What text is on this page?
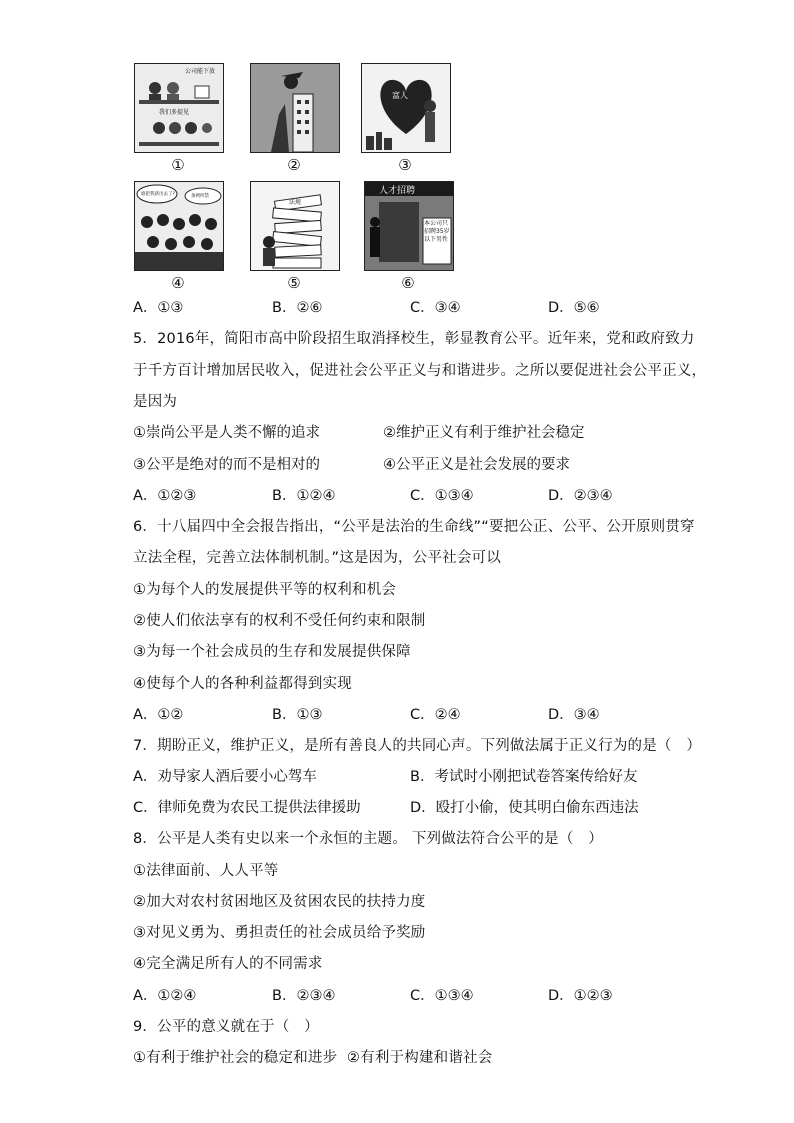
公司能下放
我们多提见
①	②
富人
③
谁把我挤出去了?	条例所禁
④
法规
⑤
人才招聘
本公司只招聘35岁以下男性
⑥
A．①③	B．②⑥	C．③④	D．⑤⑥
5．2016年，简阳市高中阶段招生取消择校生，彰显教育公平。近年来，党和政府致力
于千方百计增加居民收入，促进社会公平正义与和谐进步。之所以要促进社会公平正义，
是因为
①崇尚公平是人类不懈的追求	②维护正义有利于维护社会稳定
③公平是绝对的而不是相对的	④公平正义是社会发展的要求
A．①②③	B．①②④	C．①③④	D．②③④
6．十八届四中全会报告指出，“公平是法治的生命线”“要把公正、公平、公开原则贯穿
立法全程，完善立法体制机制。”这是因为，公平社会可以
①为每个人的发展提供平等的权利和机会
②使人们依法享有的权利不受任何约束和限制
③为每一个社会成员的生存和发展提供保障
④使每个人的各种利益都得到实现
A．①②	B．①③	C．②④	D．③④
7．期盼正义，维护正义，是所有善良人的共同心声。下列做法属于正义行为的是（　）
A．劝导家人酒后要小心驾车	B．考试时小刚把试卷答案传给好友
C．律师免费为农民工提供法律援助	D．殴打小偷，使其明白偷东西违法
8．公平是人类有史以来一个永恒的主题。 下列做法符合公平的是（　）
①法律面前、人人平等
②加大对农村贫困地区及贫困农民的扶持力度
③对见义勇为、勇担责任的社会成员给予奖励
④完全满足所有人的不同需求
A．①②④	B．②③④	C．①③④	D．①②③
9．公平的意义就在于（　）
①有利于维护社会的稳定和进步  ②有利于构建和谐社会
